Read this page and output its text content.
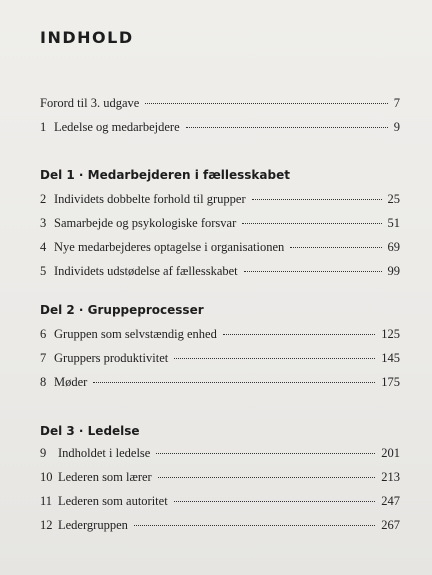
INDHOLD
Forord til 3. udgave	7
1 Ledelse og medarbejdere	9
Del 1 · Medarbejderen i fællesskabet
2 Individets dobbelte forhold til grupper	25
3 Samarbejde og psykologiske forsvar	51
4 Nye medarbejderes optagelse i organisationen	69
5 Individets udstødelse af fællesskabet	99
Del 2 · Gruppeprocesser
6 Gruppen som selvstændig enhed	125
7 Gruppers produktivitet	145
8 Møder	175
Del 3 · Ledelse
9 Indholdet i ledelse	201
10 Lederen som lærer	213
11 Lederen som autoritet	247
12 Ledergruppen	267
